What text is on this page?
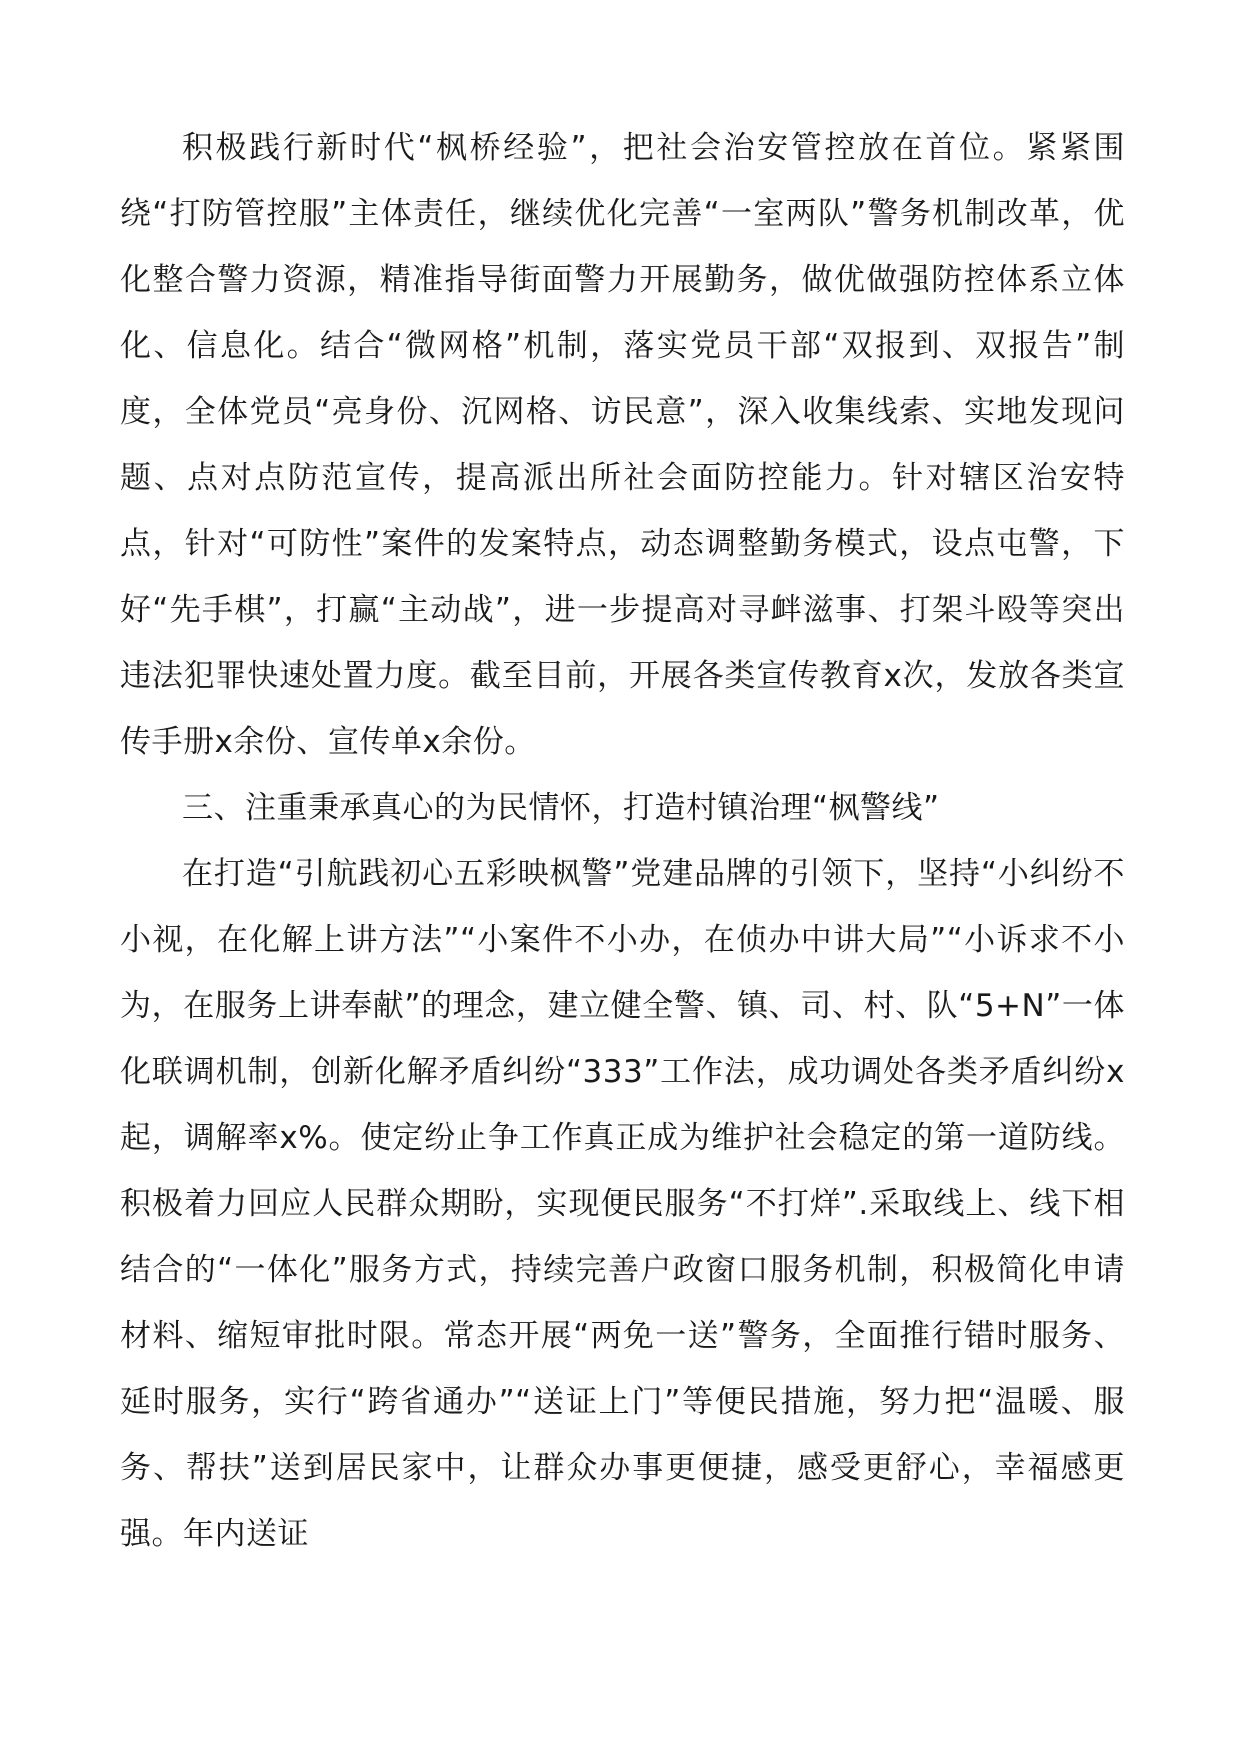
积极践行新时代“枫桥经验”，把社会治安管控放在首位。紧紧围绕“打防管控服”主体责任，继续优化完善“一室两队”警务机制改革，优化整合警力资源，精准指导街面警力开展勤务，做优做强防控体系立体化、信息化。结合“微网格”机制，落实党员干部“双报到、双报告”制度，全体党员“亮身份、沉网格、访民意”，深入收集线索、实地发现问题、点对点防范宣传，提高派出所社会面防控能力。针对辖区治安特点，针对“可防性”案件的发案特点，动态调整勤务模式，设点屯警，下好“先手棋”，打赢“主动战”，进一步提高对寻衅滋事、打架斗殴等突出违法犯罪快速处置力度。截至目前，开展各类宣传教育x次，发放各类宣传手册x余份、宣传单x余份。

三、注重秉承真心的为民情怀，打造村镇治理“枫警线”

在打造“引航践初心五彩映枫警”党建品牌的引领下，坚持“小纠纷不小视，在化解上讲方法”“小案件不小办，在侦办中讲大局”“小诉求不小为，在服务上讲奉献”的理念，建立健全警、镇、司、村、队“5+N”一体化联调机制，创新化解矛盾纠纷“333”工作法，成功调处各类矛盾纠纷x起，调解率x%。使定纷止争工作真正成为维护社会稳定的第一道防线。积极着力回应人民群众期盼，实现便民服务“不打烊”.采取线上、线下相结合的“一体化”服务方式，持续完善户政窗口服务机制，积极简化申请材料、缩短审批时限。常态开展“两免一送”警务，全面推行错时服务、延时服务，实行“跨省通办”“送证上门”等便民措施，努力把“温暖、服务、帮扶”送到居民家中，让群众办事更便捷，感受更舒心，幸福感更强。年内送证
